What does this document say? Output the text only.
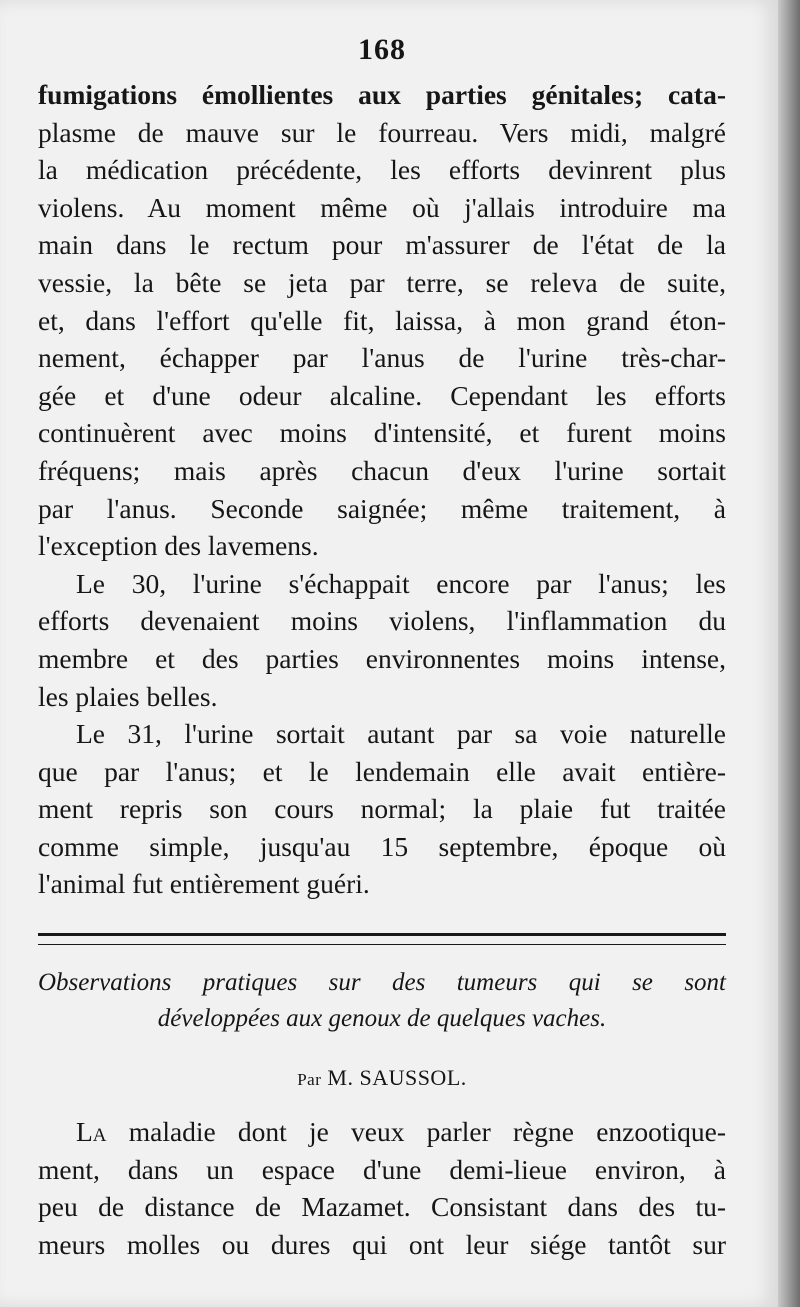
168
fumigations émollientes aux parties génitales; cata-
plasme de mauve sur le fourreau. Vers midi, malgré
la médication précédente, les efforts devinrent plus
violens. Au moment même où j'allais introduire ma
main dans le rectum pour m'assurer de l'état de la
vessie, la bête se jeta par terre, se releva de suite,
et, dans l'effort qu'elle fit, laissa, à mon grand éton-
nement, échapper par l'anus de l'urine très-char-
gée et d'une odeur alcaline. Cependant les efforts
continuèrent avec moins d'intensité, et furent moins
fréquens; mais après chacun d'eux l'urine sortait
par l'anus. Seconde saignée; même traitement, à
l'exception des lavemens.
Le 30, l'urine s'échappait encore par l'anus; les
efforts devenaient moins violens, l'inflammation du
membre et des parties environnentes moins intense,
les plaies belles.
Le 31, l'urine sortait autant par sa voie naturelle
que par l'anus; et le lendemain elle avait entière-
ment repris son cours normal; la plaie fut traitée
comme simple, jusqu'au 15 septembre, époque où
l'animal fut entièrement guéri.
Observations pratiques sur des tumeurs qui se sont
développées aux genoux de quelques vaches.
Par M. SAUSSOL.
La maladie dont je veux parler règne enzootique-
ment, dans un espace d'une demi-lieue environ, à
peu de distance de Mazamet. Consistant dans des tu-
meurs molles ou dures qui ont leur siége tantôt sur
